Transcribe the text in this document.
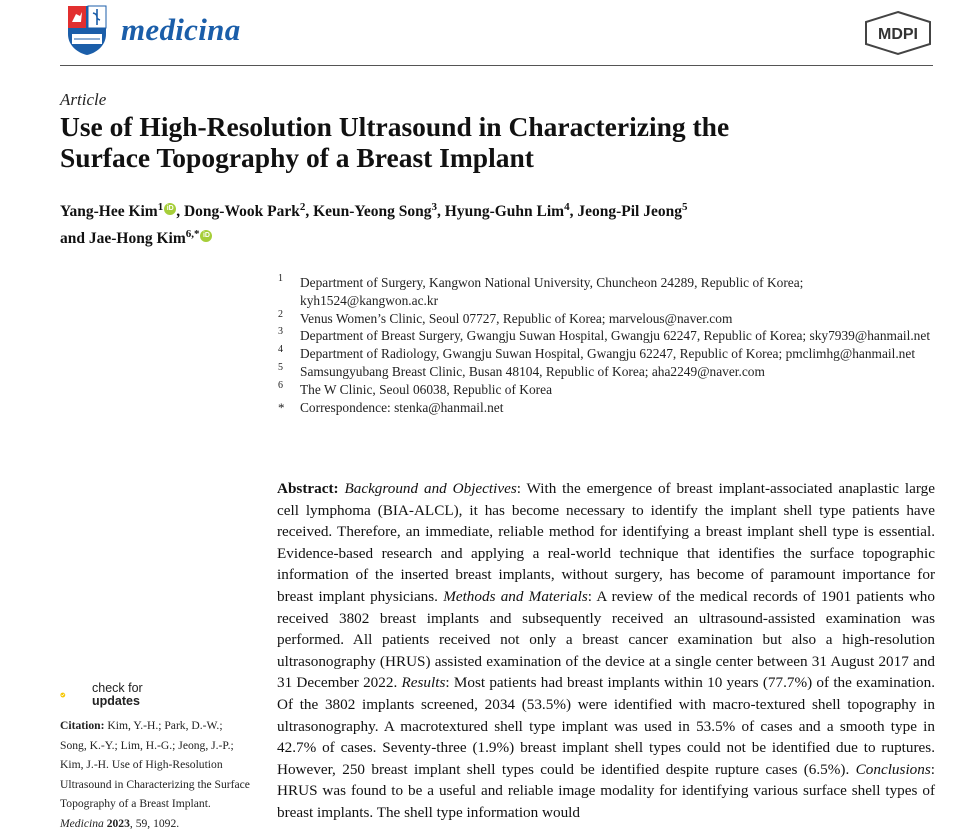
medicina	MDPI
Article
Use of High-Resolution Ultrasound in Characterizing the
Surface Topography of a Breast Implant
Yang-Hee Kim$^1$ iD , Dong-Wook Park$^2$, Keun-Yeong Song$^3$, Hyung-Guhn Lim$^4$, Jeong-Pil Jeong$^5$
and Jae-Hong Kim$^{6,*}$ iD
1 Department of Surgery, Kangwon National University, Chuncheon 24289, Republic of Korea; kyh1524@kangwon.ac.kr
2 Venus Women’s Clinic, Seoul 07727, Republic of Korea; marvelous@naver.com
3 Department of Breast Surgery, Gwangju Suwan Hospital, Gwangju 62247, Republic of Korea; sky7939@hanmail.net
4 Department of Radiology, Gwangju Suwan Hospital, Gwangju 62247, Republic of Korea; pmclimhg@hanmail.net
5 Samsungyubang Breast Clinic, Busan 48104, Republic of Korea; aha2249@naver.com
6 The W Clinic, Seoul 06038, Republic of Korea
* Correspondence: stenka@hanmail.net
Abstract: Background and Objectives: With the emergence of breast implant-associated anaplastic large cell lymphoma (BIA-ALCL), it has become necessary to identify the implant shell type patients have received. Therefore, an immediate, reliable method for identifying a breast implant shell type is essential. Evidence-based research and applying a real-world technique that identifies the surface topographic information of the inserted breast implants, without surgery, has become of paramount importance for breast implant physicians. Methods and Materials: A review of the medical records of 1901 patients who received 3802 breast implants and subsequently received an ultrasound-assisted examination was performed. All patients received not only a breast cancer examination but also a high-resolution ultrasonography (HRUS) assisted examination of the device at a single center between 31 August 2017 and 31 December 2022. Results: Most patients had breast implants within 10 years (77.7%) of the examination. Of the 3802 implants screened, 2034 (53.5%) were identified with macro-textured shell topography in ultrasonography. A macrotextured shell type implant was used in 53.5% of cases and a smooth type in 42.7% of cases. Seventy-three (1.9%) breast implant shell types could not be identified due to ruptures. However, 250 breast implant shell types could be identified despite rupture cases (6.5%). Conclusions: HRUS was found to be a useful and reliable image modality for identifying various surface shell types of breast implants. The shell type information would
check for
updates
Citation: Kim, Y.-H.; Park, D.-W.; Song, K.-Y.; Lim, H.-G.; Jeong, J.-P.; Kim, J.-H. Use of High-Resolution Ultrasound in Characterizing the Surface Topography of a Breast Implant. Medicina 2023, 59, 1092.
